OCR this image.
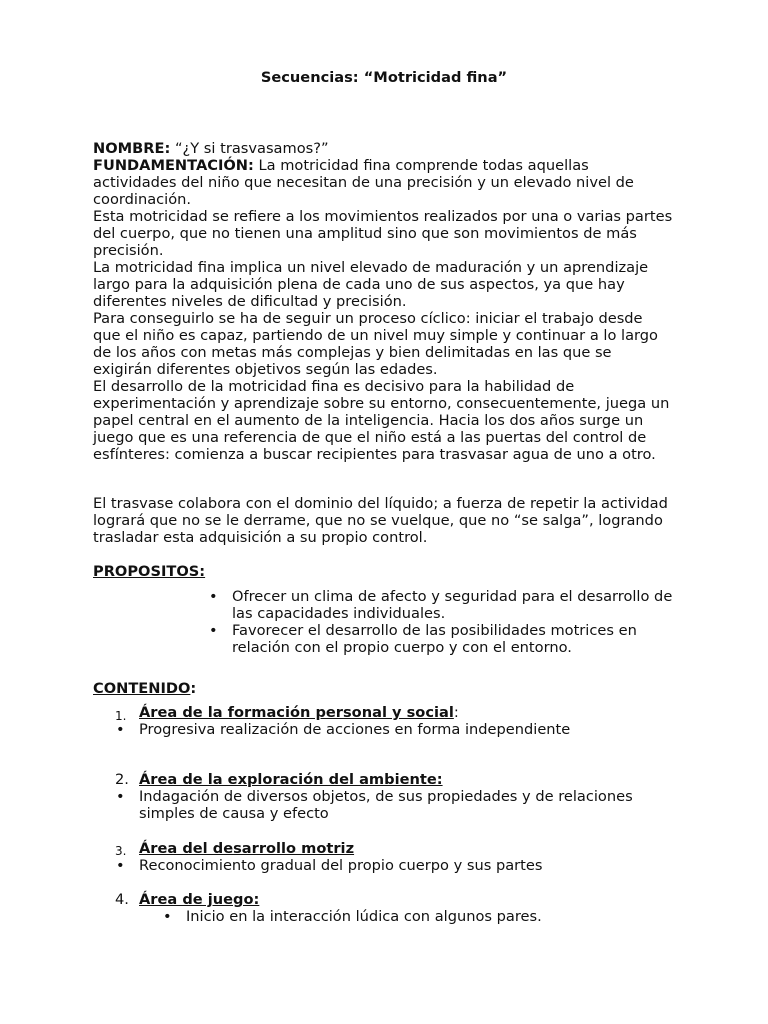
Secuencias: “Motricidad fina”

NOMBRE: “¿Y si trasvasamos?”

FUNDAMENTACIÓN: La motricidad fina comprende todas aquellas actividades del niño que necesitan de una precisión y un elevado nivel de coordinación.

Esta motricidad se refiere a los movimientos realizados por una o varias partes del cuerpo, que no tienen una amplitud sino que son movimientos de más precisión.

La motricidad fina implica un nivel elevado de maduración y un aprendizaje largo para la adquisición plena de cada uno de sus aspectos, ya que hay diferentes niveles de dificultad y precisión.

Para conseguirlo se ha de seguir un proceso cíclico: iniciar el trabajo desde que el niño es capaz, partiendo de un nivel muy simple y continuar a lo largo de los años con metas más complejas y bien delimitadas en las que se exigirán diferentes objetivos según las edades.

El desarrollo de la motricidad fina es decisivo para la habilidad de experimentación y aprendizaje sobre su entorno, consecuentemente, juega un papel central en el aumento de la inteligencia. Hacia los dos años surge un juego que es una referencia de que el niño está a las puertas del control de esfínteres: comienza a buscar recipientes para trasvasar agua de uno a otro.

El trasvase colabora con el dominio del líquido; a fuerza de repetir la actividad logrará que no se le derrame, que no se vuelque, que no “se salga”, logrando trasladar esta adquisición a su propio control.
PROPOSITOS:
• Ofrecer un clima de afecto y seguridad para el desarrollo de las capacidades individuales.
• Favorecer el desarrollo de las posibilidades motrices en relación con el propio cuerpo y con el entorno.
CONTENIDO:
1. Área de la formación personal y social:
• Progresiva realización de acciones en forma independiente
2. Área de la exploración del ambiente:
• Indagación de diversos objetos, de sus propiedades y de relaciones simples de causa y efecto
3. Área del desarrollo motriz
• Reconocimiento gradual del propio cuerpo y sus partes
4. Área de juego:
• Inicio en la interacción lúdica con algunos pares.
